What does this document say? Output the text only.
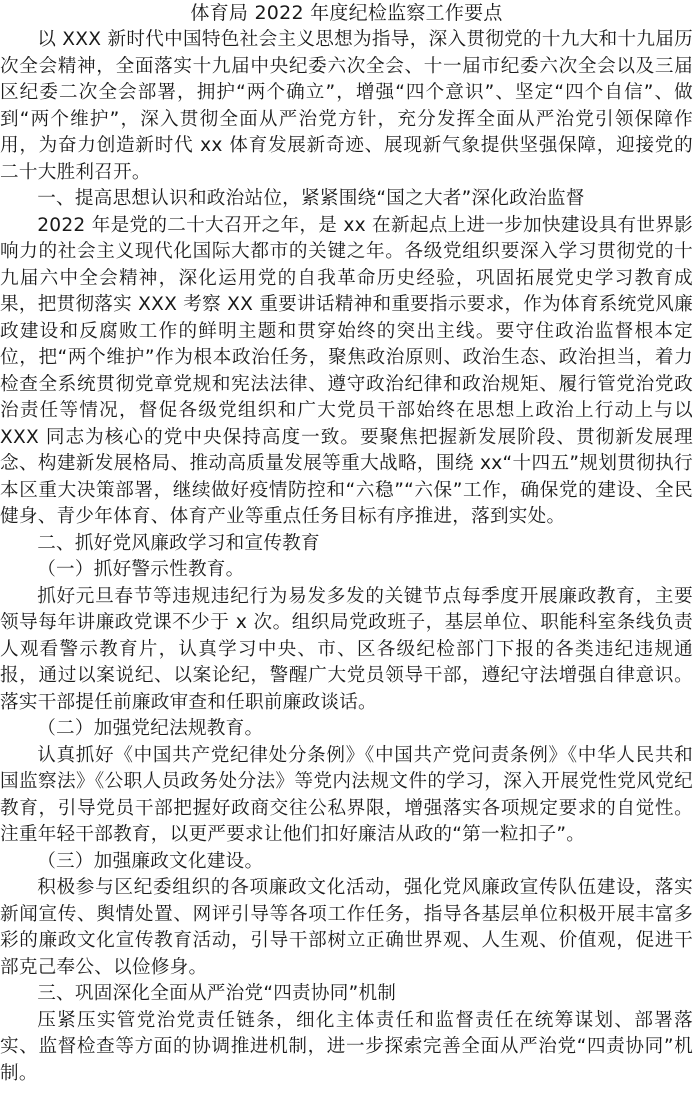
体育局 2022 年度纪检监察工作要点
以 XXX 新时代中国特色社会主义思想为指导，深入贯彻党的十九大和十九届历次全会精神，全面落实十九届中央纪委六次全会、十一届市纪委六次全会以及三届区纪委二次全会部署，拥护“两个确立”，增强“四个意识”、坚定“四个自信”、做到“两个维护”，深入贯彻全面从严治党方针，充分发挥全面从严治党引领保障作用，为奋力创造新时代 xx 体育发展新奇迹、展现新气象提供坚强保障，迎接党的二十大胜利召开。
一、提高思想认识和政治站位，紧紧围绕“国之大者”深化政治监督
2022 年是党的二十大召开之年，是 xx 在新起点上进一步加快建设具有世界影响力的社会主义现代化国际大都市的关键之年。各级党组织要深入学习贯彻党的十九届六中全会精神，深化运用党的自我革命历史经验，巩固拓展党史学习教育成果，把贯彻落实 XXX 考察 XX 重要讲话精神和重要指示要求，作为体育系统党风廉政建设和反腐败工作的鲜明主题和贯穿始终的突出主线。要守住政治监督根本定位，把“两个维护”作为根本政治任务，聚焦政治原则、政治生态、政治担当，着力检查全系统贯彻党章党规和宪法法律、遵守政治纪律和政治规矩、履行管党治党政治责任等情况，督促各级党组织和广大党员干部始终在思想上政治上行动上与以 XXX 同志为核心的党中央保持高度一致。要聚焦把握新发展阶段、贯彻新发展理念、构建新发展格局、推动高质量发展等重大战略，围绕 xx“十四五”规划贯彻执行本区重大决策部署，继续做好疫情防控和“六稳”“六保”工作，确保党的建设、全民健身、青少年体育、体育产业等重点任务目标有序推进，落到实处。
二、抓好党风廉政学习和宣传教育
（一）抓好警示性教育。
抓好元旦春节等违规违纪行为易发多发的关键节点每季度开展廉政教育，主要领导每年讲廉政党课不少于 x 次。组织局党政班子，基层单位、职能科室条线负责人观看警示教育片，认真学习中央、市、区各级纪检部门下报的各类违纪违规通报，通过以案说纪、以案论纪，警醒广大党员领导干部，遵纪守法增强自律意识。落实干部提任前廉政审查和任职前廉政谈话。
（二）加强党纪法规教育。
认真抓好《中国共产党纪律处分条例》《中国共产党问责条例》《中华人民共和国监察法》《公职人员政务处分法》等党内法规文件的学习，深入开展党性党风党纪教育，引导党员干部把握好政商交往公私界限，增强落实各项规定要求的自觉性。注重年轻干部教育，以更严要求让他们扣好廉洁从政的“第一粒扣子”。
（三）加强廉政文化建设。
积极参与区纪委组织的各项廉政文化活动，强化党风廉政宣传队伍建设，落实新闻宣传、舆情处置、网评引导等各项工作任务，指导各基层单位积极开展丰富多彩的廉政文化宣传教育活动，引导干部树立正确世界观、人生观、价值观，促进干部克己奉公、以俭修身。
三、巩固深化全面从严治党“四责协同”机制
压紧压实管党治党责任链条，细化主体责任和监督责任在统筹谋划、部署落实、监督检查等方面的协调推进机制，进一步探索完善全面从严治党“四责协同”机制。
